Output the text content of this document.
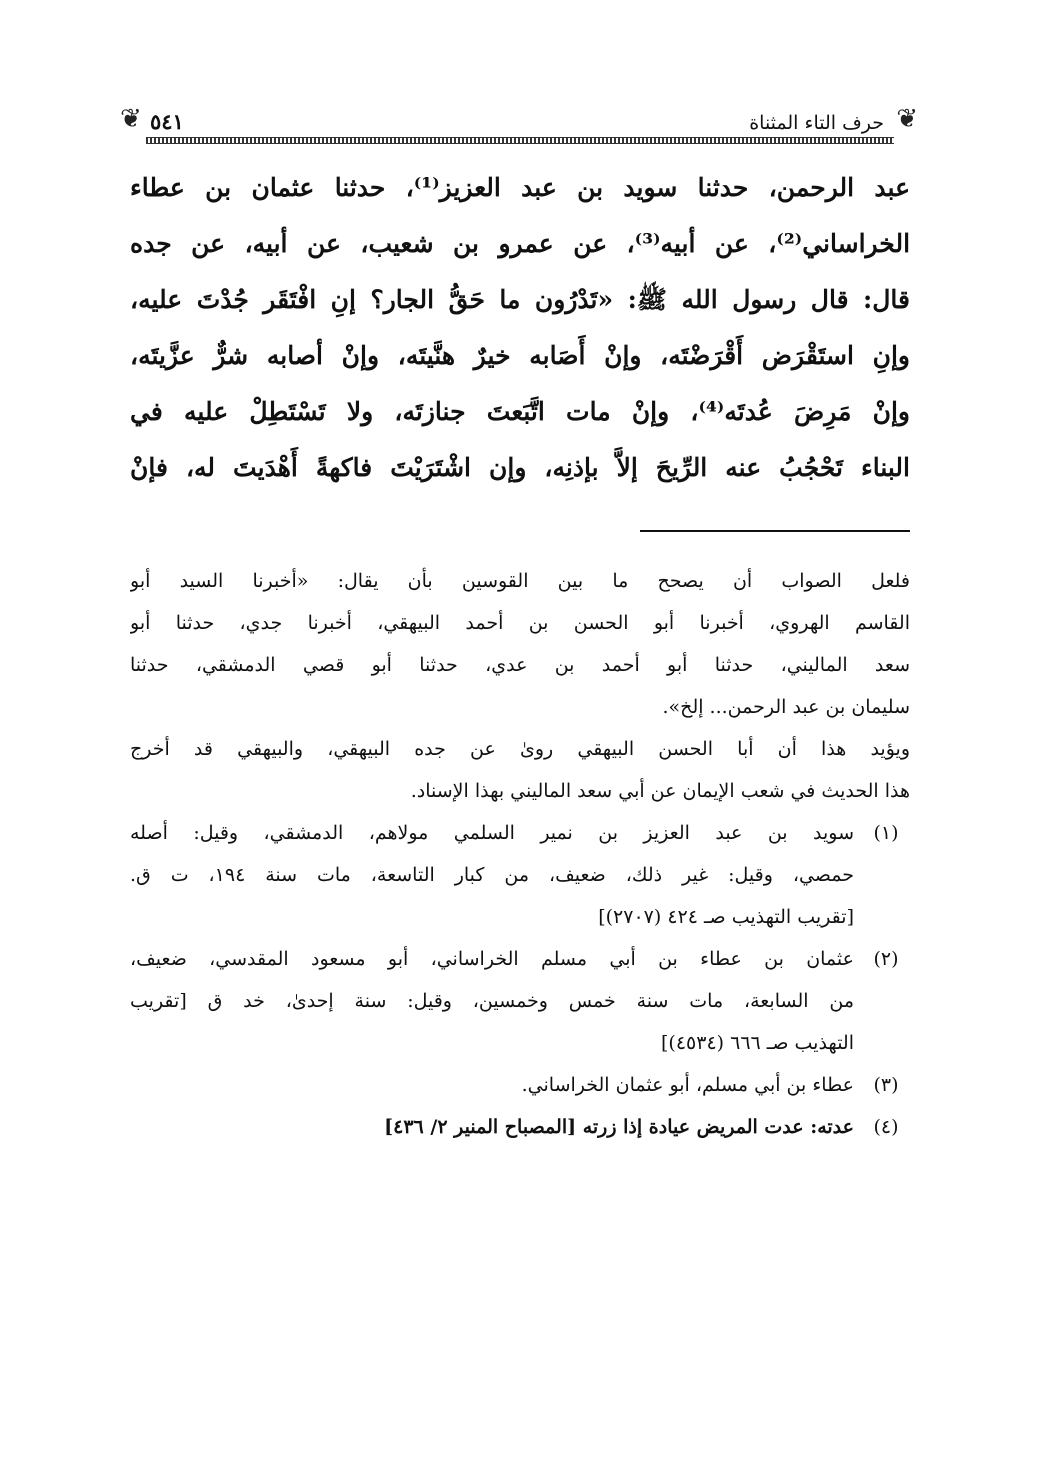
❦
حرف التاء المثناة
٥٤١
❦
عبد الرحمن، حدثنا سويد بن عبد العزيز⁽¹⁾، حدثنا عثمان بن عطاء
الخراساني⁽²⁾، عن أبيه⁽³⁾، عن عمرو بن شعيب، عن أبيه، عن جده
قال: قال رسول الله ﷺ: «تَدْرُون ما حَقُّ الجار؟ إنِ افْتَقَر جُدْتَ عليه،
وإنِ استَقْرَض أَقْرَضْتَه، وإنْ أَصَابه خيرٌ هنَّيتَه، وإنْ أصابه شرٌّ عزَّيتَه،
وإنْ مَرِضَ عُدتَه⁽⁴⁾، وإنْ مات اتَّبَعتَ جنازتَه، ولا تَسْتَطِلْ عليه في
البناء تَحْجُبُ عنه الرِّيحَ إلاَّ بإذنِه، وإن اشْتَرَيْتَ فاكهةً أَهْدَيتَ له، فإنْ
فلعل الصواب أن يصحح ما بين القوسين بأن يقال: «أخبرنا السيد أبو
القاسم الهروي، أخبرنا أبو الحسن بن أحمد البيهقي، أخبرنا جدي، حدثنا أبو
سعد الماليني، حدثنا أبو أحمد بن عدي، حدثنا أبو قصي الدمشقي، حدثنا
سليمان بن عبد الرحمن... إلخ».
ويؤيد هذا أن أبا الحسن البيهقي روىٰ عن جده البيهقي، والبيهقي قد أخرج
هذا الحديث في شعب الإيمان عن أبي سعد الماليني بهذا الإسناد.
(١)
سويد بن عبد العزيز بن نمير السلمي مولاهم، الدمشقي، وقيل: أصله
حمصي، وقيل: غير ذلك، ضعيف، من كبار التاسعة، مات سنة ١٩٤، ت ق.
[تقريب التهذيب صـ ٤٢٤ (٢٧٠٧)]
(٢)
عثمان بن عطاء بن أبي مسلم الخراساني، أبو مسعود المقدسي، ضعيف،
من السابعة، مات سنة خمس وخمسين، وقيل: سنة إحدىٰ، خد ق [تقريب
التهذيب صـ ٦٦٦ (٤٥٣٤)]
(٣)
عطاء بن أبي مسلم، أبو عثمان الخراساني.
(٤)
عدته: عدت المريض عيادة إذا زرته [المصباح المنير ٢/ ٤٣٦]
